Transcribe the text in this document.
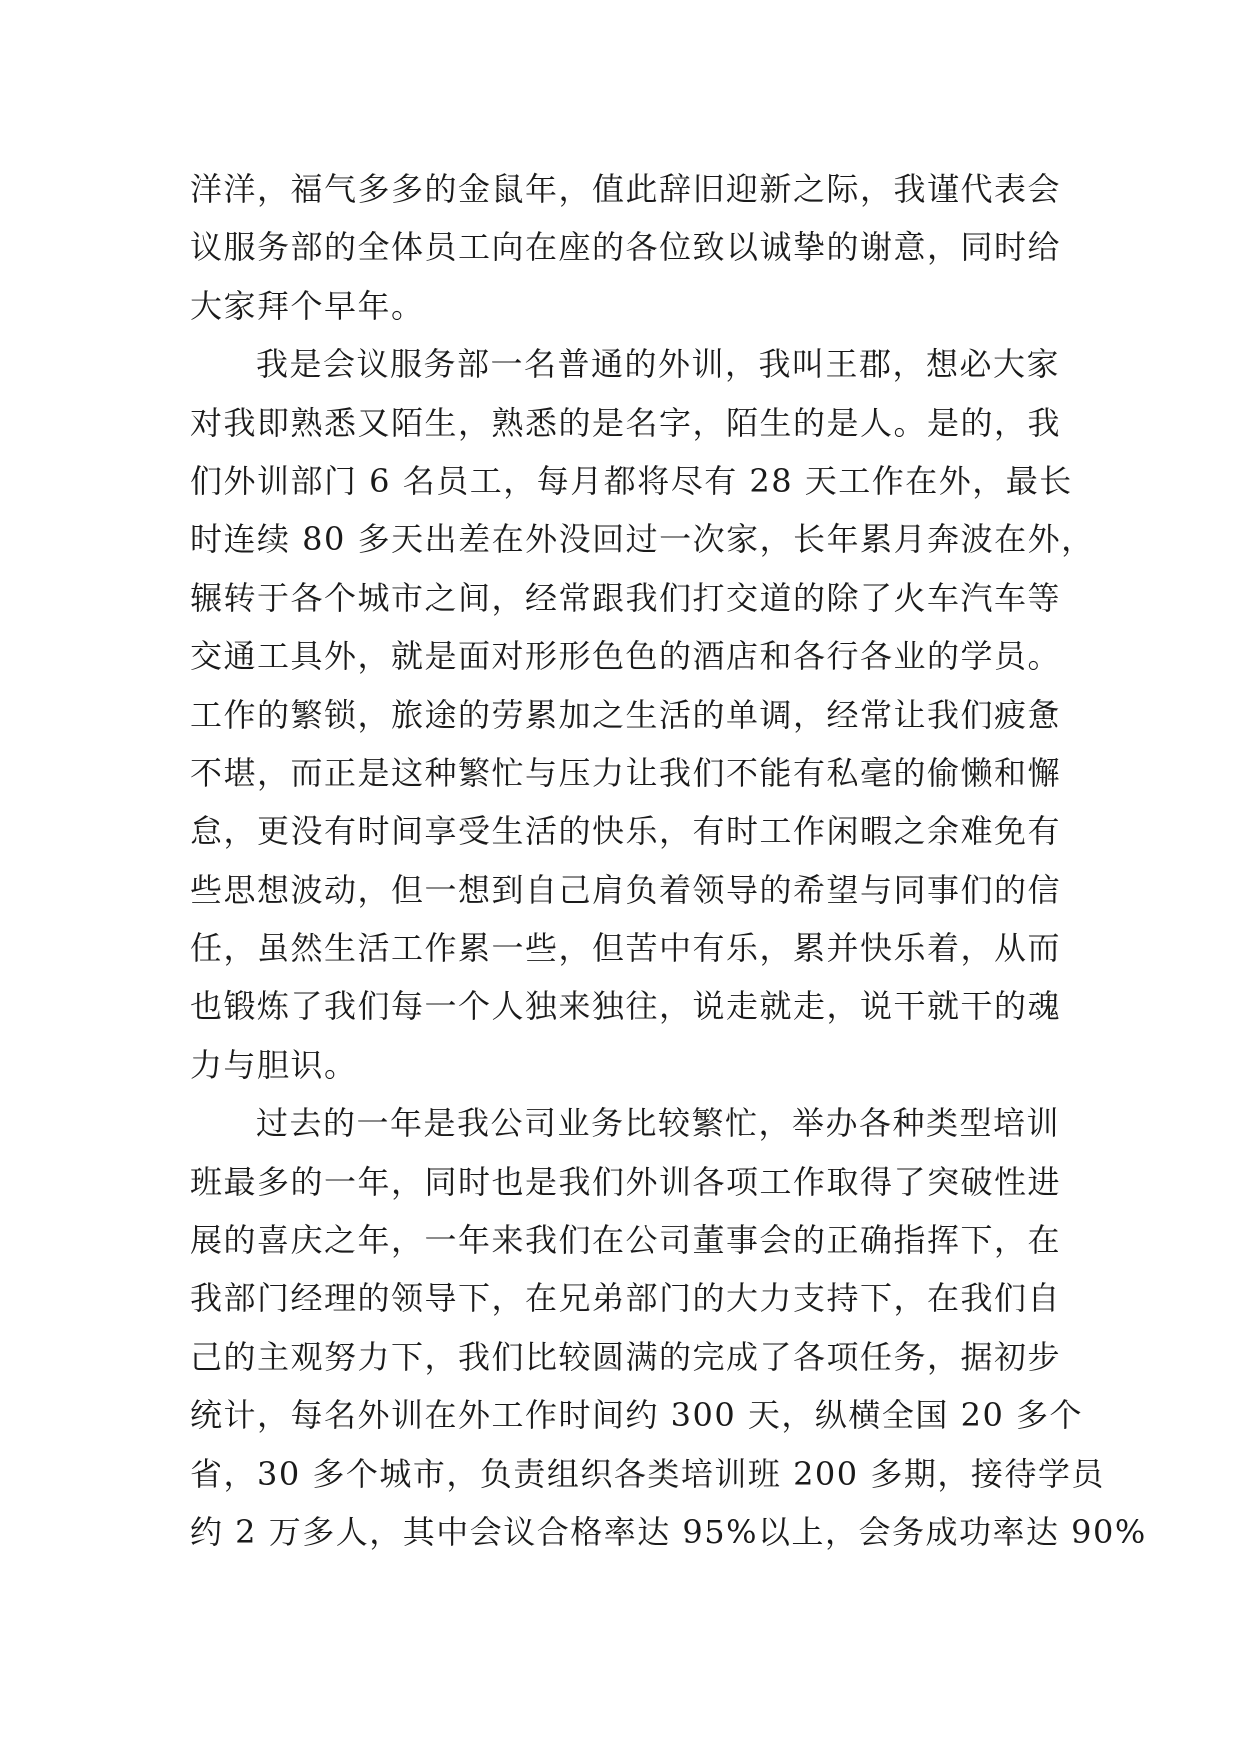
洋洋，福气多多的金鼠年，值此辞旧迎新之际，我谨代表会
议服务部的全体员工向在座的各位致以诚挚的谢意，同时给
大家拜个早年。
我是会议服务部一名普通的外训，我叫王郡，想必大家
对我即熟悉又陌生，熟悉的是名字，陌生的是人。是的，我
们外训部门 6 名员工，每月都将尽有 28 天工作在外，最长
时连续 80 多天出差在外没回过一次家，长年累月奔波在外，
辗转于各个城市之间，经常跟我们打交道的除了火车汽车等
交通工具外，就是面对形形色色的酒店和各行各业的学员。
工作的繁锁，旅途的劳累加之生活的单调，经常让我们疲惫
不堪，而正是这种繁忙与压力让我们不能有私毫的偷懒和懈
怠，更没有时间享受生活的快乐，有时工作闲暇之余难免有
些思想波动，但一想到自己肩负着领导的希望与同事们的信
任，虽然生活工作累一些，但苦中有乐，累并快乐着，从而
也锻炼了我们每一个人独来独往，说走就走，说干就干的魂
力与胆识。
过去的一年是我公司业务比较繁忙，举办各种类型培训
班最多的一年，同时也是我们外训各项工作取得了突破性进
展的喜庆之年，一年来我们在公司董事会的正确指挥下，在
我部门经理的领导下，在兄弟部门的大力支持下，在我们自
己的主观努力下，我们比较圆满的完成了各项任务，据初步
统计，每名外训在外工作时间约 300 天，纵横全国 20 多个
省，30 多个城市，负责组织各类培训班 200 多期，接待学员
约 2 万多人，其中会议合格率达 95%以上，会务成功率达 90%
